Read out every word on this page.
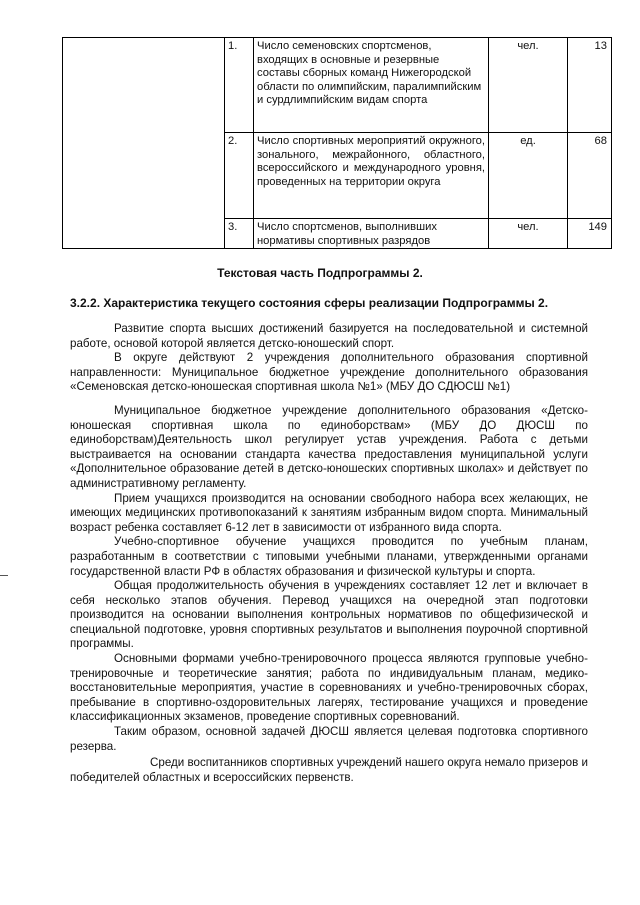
	1.	Число семеновских спортсменов, входящих в основные и резервные составы сборных команд Нижегородской области по олимпийским, паралимпийским и сурдлимпийским видам спорта	чел.	13
	2.	Число спортивных мероприятий окружного, зонального, межрайонного, областного, всероссийского и международного уровня, проведенных на территории округа	ед.	68
	3.	Число спортсменов, выполнивших нормативы спортивных разрядов	чел.	149
Текстовая часть Подпрограммы 2.
3.2.2. Характеристика текущего состояния сферы реализации Подпрограммы 2.

Развитие спорта высших достижений базируется на последовательной и системной работе, основой которой является детско-юношеский спорт.

В округе действуют 2 учреждения дополнительного образования спортивной направленности: Муниципальное бюджетное учреждение дополнительного образования «Семеновская детско-юношеская спортивная школа №1» (МБУ ДО СДЮСШ №1)

Муниципальное бюджетное учреждение дополнительного образования «Детско-юношеская спортивная школа по единоборствам» (МБУ ДО ДЮСШ по единоборствам)Деятельность школ регулирует устав учреждения. Работа с детьми выстраивается на основании стандарта качества предоставления муниципальной услуги «Дополнительное образование детей в детско-юношеских спортивных школах» и действует по административному регламенту.

Прием учащихся производится на основании свободного набора всех желающих, не имеющих медицинских противопоказаний к занятиям избранным видом спорта. Минимальный возраст ребенка составляет 6-12 лет в зависимости от избранного вида спорта.

Учебно-спортивное обучение учащихся проводится по учебным планам, разработанным в соответствии с типовыми учебными планами, утвержденными органами государственной власти РФ в областях образования и физической культуры и спорта.

Общая продолжительность обучения в учреждениях составляет 12 лет и включает в себя несколько этапов обучения. Перевод учащихся на очередной этап подготовки производится на основании выполнения контрольных нормативов по общефизической и специальной подготовке, уровня спортивных результатов и выполнения поурочной спортивной программы.

Основными формами учебно-тренировочного процесса являются групповые учебно-тренировочные и теоретические занятия; работа по индивидуальным планам, медико-восстановительные мероприятия, участие в соревнованиях и учебно-тренировочных сборах, пребывание в спортивно-оздоровительных лагерях, тестирование учащихся и проведение классификационных экзаменов, проведение спортивных соревнований.

Таким образом, основной задачей ДЮСШ является целевая подготовка спортивного резерва.

Среди воспитанников спортивных учреждений нашего округа немало призеров и победителей областных и всероссийских первенств.
